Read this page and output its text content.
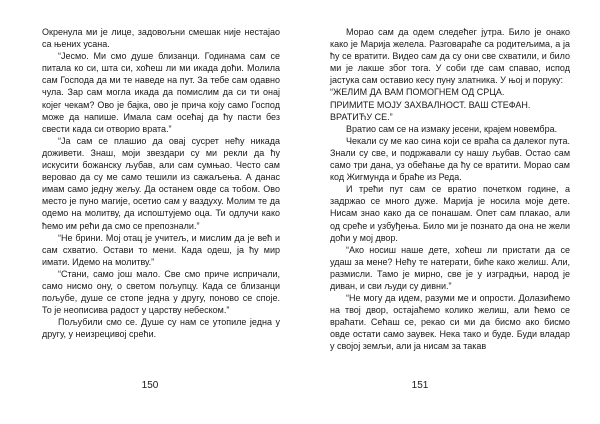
Окренула ми је лице, задовољни смешак није нестајао са њених усана.

“Јесмо. Ми смо душе близанци. Годинама сам се питала ко си, шта си, хоћеш ли ми икада доћи. Молила сам Господа да ми те наведе на пут. За тебе сам одавно чула. Зар сам могла икада да помислим да си ти онај којег чекам? Ово је бајка, ово је прича коју само Господ може да напише. Имала сам осећај да ћу пасти без свести када си отворио врата.”

“Ја сам се плашио да овај сусрет нећу никада доживети. Знаш, моји звездари су ми рекли да ћу искусити божанску љубав, али сам сумњао. Често сам веровао да су ме само тешили из сажаљења. А данас имам само једну жељу. Да останем овде са тобом. Ово место је пуно магије, осетио сам у ваздуху. Молим те да одемо на молитву, да испоштујемо оца. Ти одлучи како ћемо им рећи да смо се препознали.”

“Не брини. Мој отац је учитељ, и мислим да је већ и сам схватио. Остави то мени. Када одеш, ја ћу мир имати. Идемо на молитву.”

“Стани, само још мало. Све смо приче испричали, само нисмо ону, о светом пољупцу. Када се близанци пољубе, душе се стопе једна у другу, поново се споје. То је неописива радост у царству небеском.”

Пољубили смо се. Душе су нам се утопиле једна у другу, у неизрецивој срећи.

150

Морао сам да одем следећег јутра. Било је онако како је Марија желела. Разговараће са родитељима, а ја ћу се вратити. Видео сам да су они све схватили, и било ми је лакше због тога. У соби где сам спавао, испод јастука сам оставио кесу пуну златника. У њој и поруку:

“ЖЕЛИМ ДА ВАМ ПОМОГНЕМ ОД СРЦА.
ПРИМИТЕ МОЈУ ЗАХВАЛНОСТ. ВАШ СТЕФАН.
ВРАТИЋУ СЕ.”

Вратио сам се на измаку јесени, крајем новембра.

Чекали су ме као сина који се враћа са далеког пута. Знали су све, и подржавали су нашу љубав. Остао сам само три дана, уз обећање да ћу се вратити. Морао сам код Жигмунда и браће из Реда.

И трећи пут сам се вратио почетком године, а задржао се много дуже. Марија је носила моје дете. Нисам знао како да се понашам. Опет сам плакао, али од среће и узбуђења. Било ми је познато да она не жели доћи у мој двор.

“Ако носиш наше дете, хоћеш ли пристати да се удаш за мене? Нећу те натерати, биће како желиш. Али, размисли. Тамо је мирно, све је у изградњи, народ је диван, и сви људи су дивни.”

“Не могу да идем, разуми ме и опрости. Долазићемо на твој двор, остајаћемо колико желиш, али ћемо се враћати. Сећаш се, рекао си ми да бисмо ако бисмо овде остати само заувек. Нека тако и буде. Буди владар у својој земљи, али ја нисам за такав

151
